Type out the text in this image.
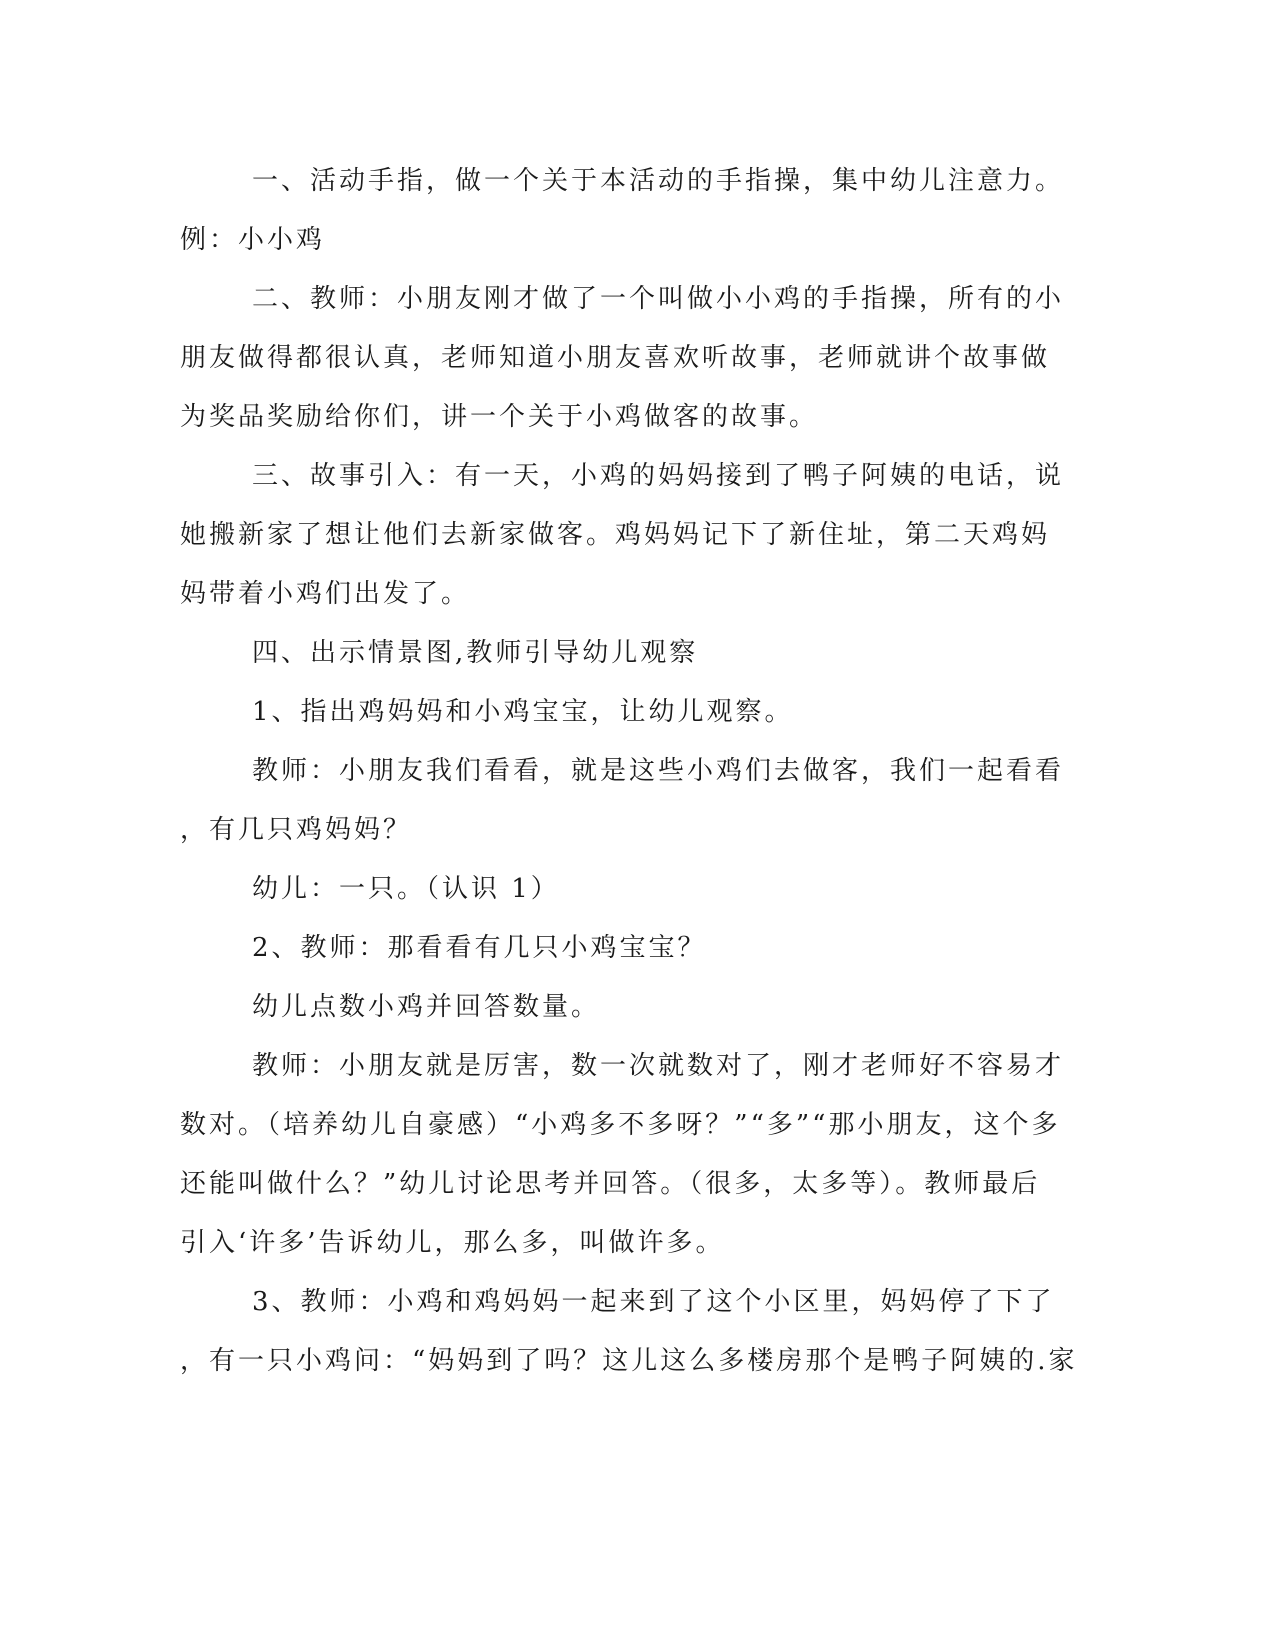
一、活动手指，做一个关于本活动的手指操，集中幼儿注意力。
例：小小鸡
二、教师：小朋友刚才做了一个叫做小小鸡的手指操，所有的小
朋友做得都很认真，老师知道小朋友喜欢听故事，老师就讲个故事做
为奖品奖励给你们，讲一个关于小鸡做客的故事。
三、故事引入：有一天，小鸡的妈妈接到了鸭子阿姨的电话，说
她搬新家了想让他们去新家做客。鸡妈妈记下了新住址，第二天鸡妈
妈带着小鸡们出发了。
四、出示情景图,教师引导幼儿观察
1、指出鸡妈妈和小鸡宝宝，让幼儿观察。
教师：小朋友我们看看，就是这些小鸡们去做客，我们一起看看
，有几只鸡妈妈？
幼儿：一只。（认识 1）
2、教师：那看看有几只小鸡宝宝？
幼儿点数小鸡并回答数量。
教师：小朋友就是厉害，数一次就数对了，刚才老师好不容易才
数对。（培养幼儿自豪感）“小鸡多不多呀？”“多”“那小朋友，这个多
还能叫做什么？”幼儿讨论思考并回答。（很多，太多等）。教师最后
引入‘许多’告诉幼儿，那么多，叫做许多。
3、教师：小鸡和鸡妈妈一起来到了这个小区里，妈妈停了下了
，有一只小鸡问：“妈妈到了吗？这儿这么多楼房那个是鸭子阿姨的.家
